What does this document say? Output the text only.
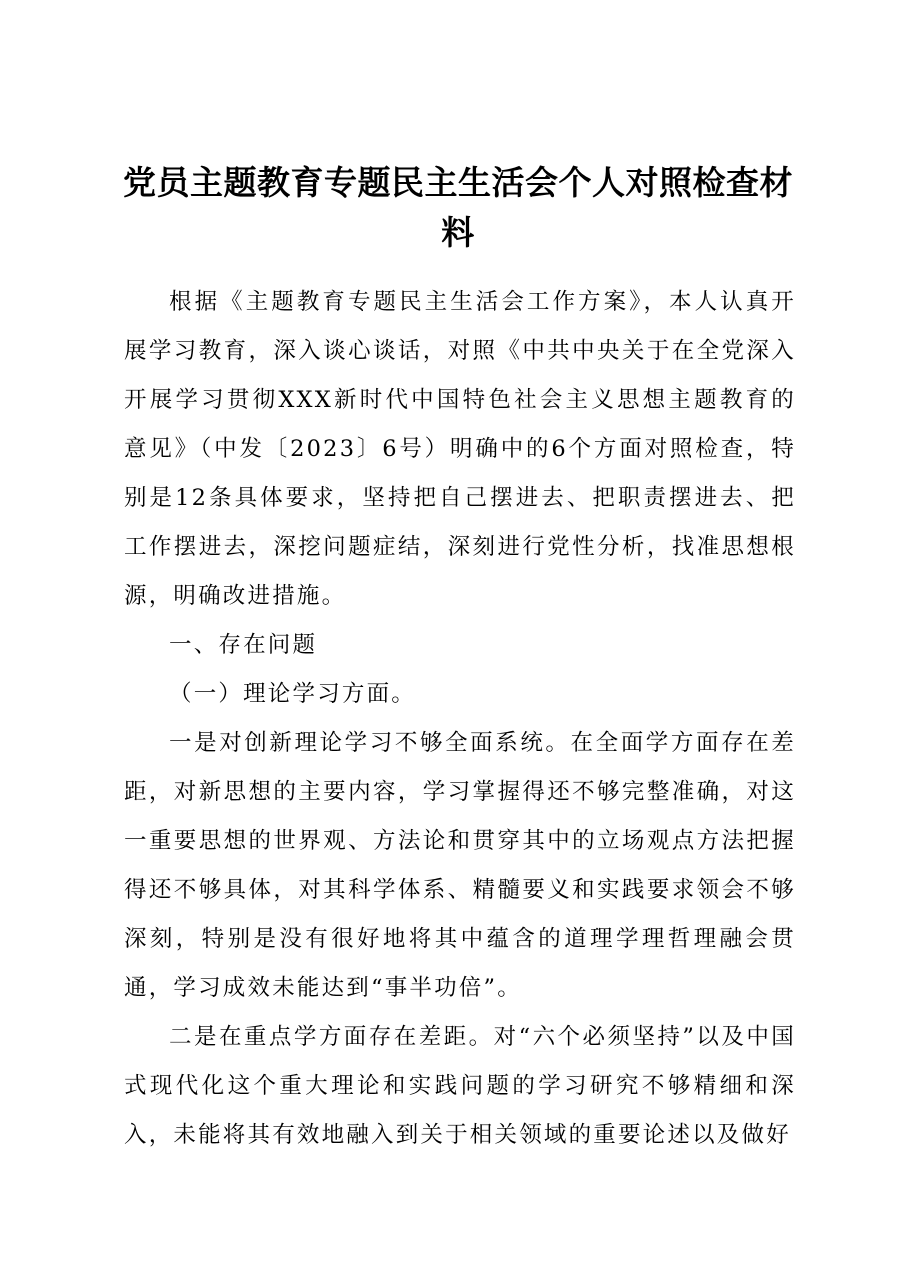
党员主题教育专题民主生活会个人对照检查材料

根据《主题教育专题民主生活会工作方案》，本人认真开展学习教育，深入谈心谈话，对照《中共中央关于在全党深入开展学习贯彻XXX新时代中国特色社会主义思想主题教育的意见》（中发〔2023〕6号）明确中的6个方面对照检查，特别是12条具体要求，坚持把自己摆进去、把职责摆进去、把工作摆进去，深挖问题症结，深刻进行党性分析，找准思想根源，明确改进措施。

一、存在问题

（一）理论学习方面。

一是对创新理论学习不够全面系统。在全面学方面存在差距，对新思想的主要内容，学习掌握得还不够完整准确，对这一重要思想的世界观、方法论和贯穿其中的立场观点方法把握得还不够具体，对其科学体系、精髓要义和实践要求领会不够深刻，特别是没有很好地将其中蕴含的道理学理哲理融会贯通，学习成效未能达到“事半功倍”。

二是在重点学方面存在差距。对“六个必须坚持”以及中国式现代化这个重大理论和实践问题的学习研究不够精细和深入，未能将其有效地融入到关于相关领域的重要论述以及做好
